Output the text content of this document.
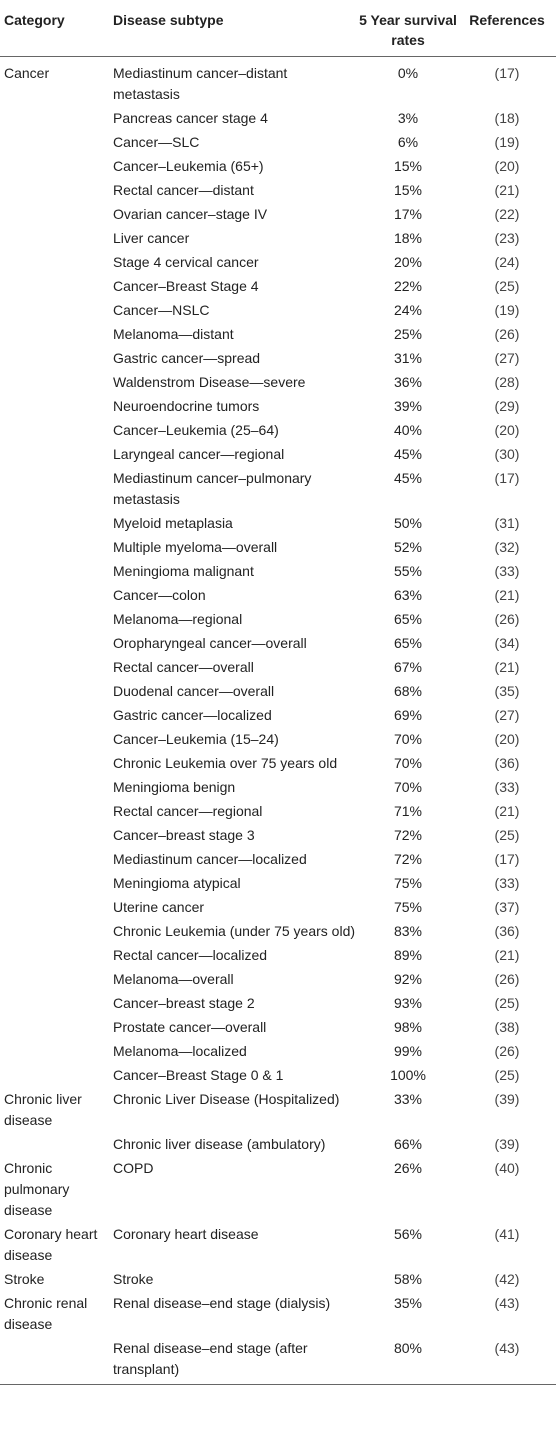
Category	Disease subtype	5 Year survival rates	References
Cancer	Mediastinum cancer–distant metastasis	0%	(17)
	Pancreas cancer stage 4	3%	(18)
	Cancer—SLC	6%	(19)
	Cancer–Leukemia (65+)	15%	(20)
	Rectal cancer—distant	15%	(21)
	Ovarian cancer–stage IV	17%	(22)
	Liver cancer	18%	(23)
	Stage 4 cervical cancer	20%	(24)
	Cancer–Breast Stage 4	22%	(25)
	Cancer—NSLC	24%	(19)
	Melanoma—distant	25%	(26)
	Gastric cancer—spread	31%	(27)
	Waldenstrom Disease—severe	36%	(28)
	Neuroendocrine tumors	39%	(29)
	Cancer–Leukemia (25–64)	40%	(20)
	Laryngeal cancer—regional	45%	(30)
	Mediastinum cancer–pulmonary metastasis	45%	(17)
	Myeloid metaplasia	50%	(31)
	Multiple myeloma—overall	52%	(32)
	Meningioma malignant	55%	(33)
	Cancer—colon	63%	(21)
	Melanoma—regional	65%	(26)
	Oropharyngeal cancer—overall	65%	(34)
	Rectal cancer—overall	67%	(21)
	Duodenal cancer—overall	68%	(35)
	Gastric cancer—localized	69%	(27)
	Cancer–Leukemia (15–24)	70%	(20)
	Chronic Leukemia over 75 years old	70%	(36)
	Meningioma benign	70%	(33)
	Rectal cancer—regional	71%	(21)
	Cancer–breast stage 3	72%	(25)
	Mediastinum cancer—localized	72%	(17)
	Meningioma atypical	75%	(33)
	Uterine cancer	75%	(37)
	Chronic Leukemia (under 75 years old)	83%	(36)
	Rectal cancer—localized	89%	(21)
	Melanoma—overall	92%	(26)
	Cancer–breast stage 2	93%	(25)
	Prostate cancer—overall	98%	(38)
	Melanoma—localized	99%	(26)
	Cancer–Breast Stage 0 & 1	100%	(25)
Chronic liver disease	Chronic Liver Disease (Hospitalized)	33%	(39)
	Chronic liver disease (ambulatory)	66%	(39)
Chronic pulmonary disease	COPD	26%	(40)
Coronary heart disease	Coronary heart disease	56%	(41)
Stroke	Stroke	58%	(42)
Chronic renal disease	Renal disease–end stage (dialysis)	35%	(43)
	Renal disease–end stage (after transplant)	80%	(43)
